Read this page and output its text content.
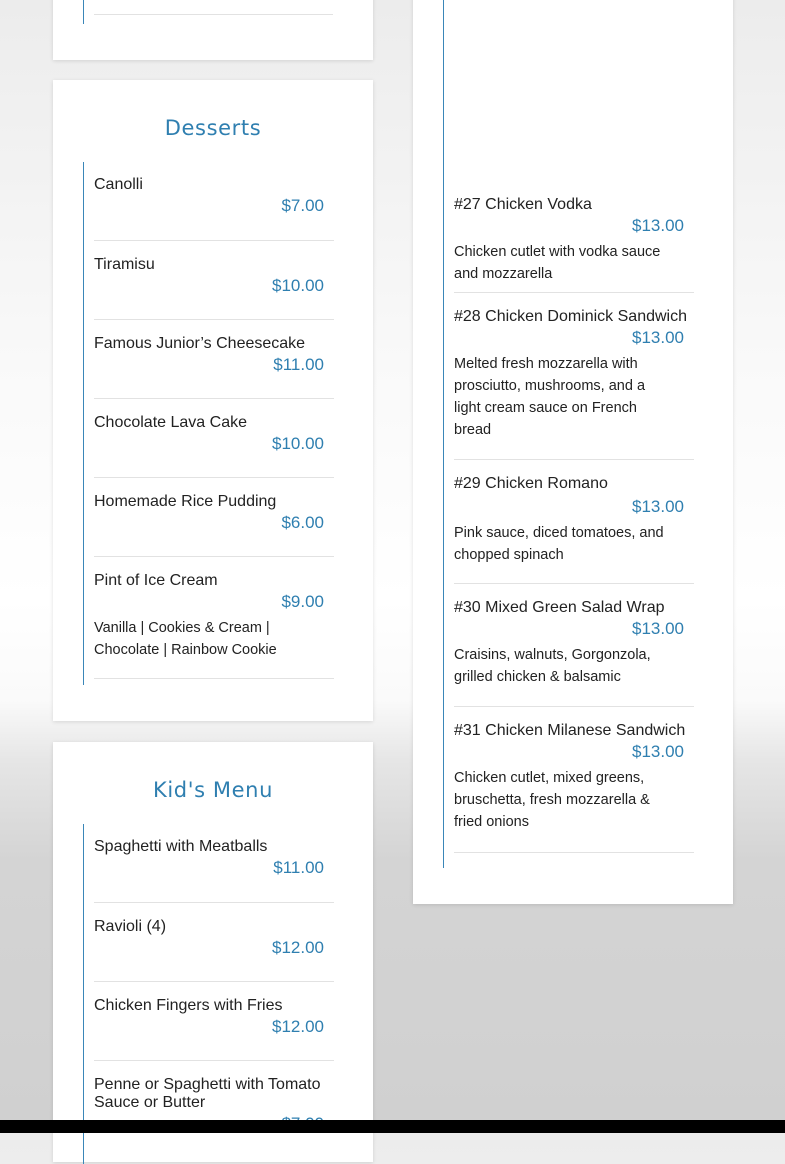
Desserts
Canolli
$7.00
Tiramisu
$10.00
Famous Junior’s Cheesecake
$11.00
Chocolate Lava Cake
$10.00
Homemade Rice Pudding
$6.00
Pint of Ice Cream
$9.00
Vanilla | Cookies & Cream | Chocolate | Rainbow Cookie
Kid's Menu
Spaghetti with Meatballs
$11.00
Ravioli (4)
$12.00
Chicken Fingers with Fries
$12.00
Penne or Spaghetti with Tomato Sauce or Butter
#27 Chicken Vodka
$13.00
Chicken cutlet with vodka sauce and mozzarella
#28 Chicken Dominick Sandwich
$13.00
Melted fresh mozzarella with prosciutto, mushrooms, and a light cream sauce on French bread
#29 Chicken Romano
$13.00
Pink sauce, diced tomatoes, and chopped spinach
#30 Mixed Green Salad Wrap
$13.00
Craisins, walnuts, Gorgonzola, grilled chicken & balsamic
#31 Chicken Milanese Sandwich
$13.00
Chicken cutlet, mixed greens, bruschetta, fresh mozzarella & fried onions
